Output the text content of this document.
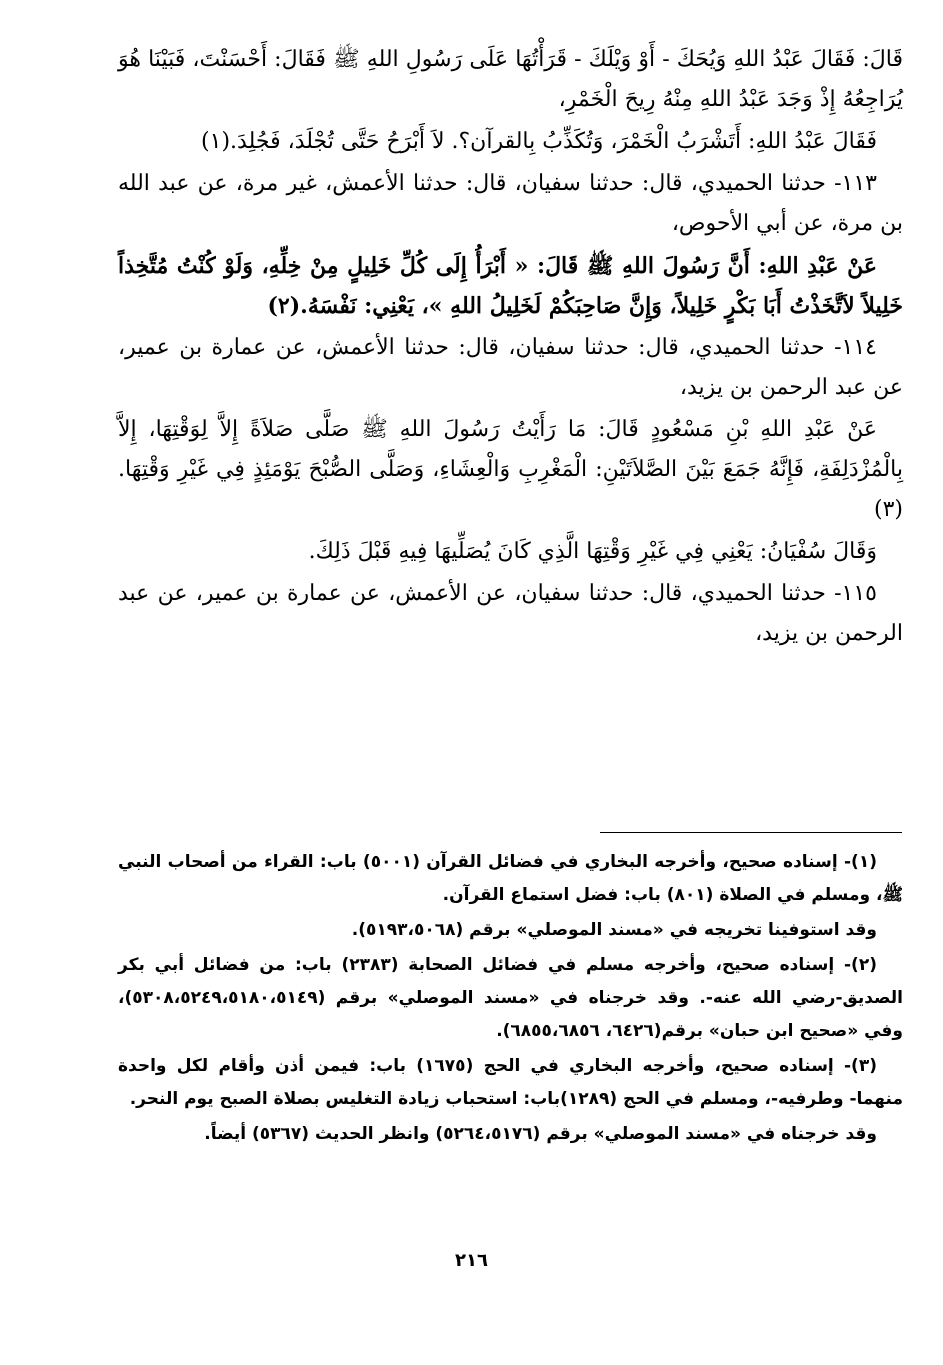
قَالَ: فَقَالَ عَبْدُ اللهِ وَيُحَكَ - أَوْ وَيْلَكَ - قَرَأْتُهَا عَلَى رَسُولِ اللهِ ﷺ فَقَالَ: أَحْسَنْتَ، فَبَيْنَا هُوَ يُرَاجِعُهُ إِذْ وَجَدَ عَبْدُ اللهِ مِنْهُ رِيحَ الْخَمْرِ،

فَقَالَ عَبْدُ اللهِ: أَتَشْرَبُ الْخَمْرَ، وَتُكَذِّبُ بِالقرآن؟. لاَ أَبْرَحُ حَتَّى تُجْلَدَ، فَجُلِدَ.(١)

١١٣- حدثنا الحميدي، قال: حدثنا سفيان، قال: حدثنا الأعمش، غير مرة، عن عبد الله بن مرة، عن أبي الأحوص،

عَنْ عَبْدِ اللهِ: أَنَّ رَسُولَ اللهِ ﷺ قَالَ: « أَبْرَأُ إِلَى كُلِّ خَلِيلٍ مِنْ خِلِّهِ، وَلَوْ كُنْتُ مُتَّخِذاً خَلِيلاً لاَتَّخَذْتُ أَبَا بَكْرٍ خَلِيلاً، وَإِنَّ صَاحِبَكُمْ لَخَلِيلُ اللهِ »، يَعْنِي: نَفْسَهُ.(٢)

١١٤- حدثنا الحميدي، قال: حدثنا سفيان، قال: حدثنا الأعمش، عن عمارة بن عمير، عن عبد الرحمن بن يزيد،

عَنْ عَبْدِ اللهِ بْنِ مَسْعُودٍ قَالَ: مَا رَأَيْتُ رَسُولَ اللهِ ﷺ صَلَّى صَلاَةً إِلاَّ لِوَقْتِهَا، إِلاَّ بِالْمُزْدَلِفَةِ، فَإِنَّهُ جَمَعَ بَيْنَ الصَّلاَتَيْنِ: الْمَغْرِبِ وَالْعِشَاءِ، وَصَلَّى الصُّبْحَ يَوْمَئِذٍ فِي غَيْرِ وَقْتِهَا.(٣)

وَقَالَ سُفْيَانُ: يَعْنِي فِي غَيْرِ وَقْتِهَا الَّذِي كَانَ يُصَلِّيهَا فِيهِ قَبْلَ ذَلِكَ.

١١٥- حدثنا الحميدي، قال: حدثنا سفيان، عن الأعمش، عن عمارة بن عمير، عن عبد الرحمن بن يزيد،

(١)- إسناده صحيح، وأخرجه البخاري في فضائل القرآن (٥٠٠١) باب: القراء من أصحاب النبي ﷺ، ومسلم في الصلاة (٨٠١) باب: فضل استماع القرآن.

وقد استوفينا تخريجه في «مسند الموصلي» برقم (٥١٩٣،٥٠٦٨).

(٢)- إسناده صحيح، وأخرجه مسلم في فضائل الصحابة (٢٣٨٣) باب: من فضائل أبي بكر الصديق-رضي الله عنه-. وقد خرجناه في «مسند الموصلي» برقم (٥٣٠٨،٥٢٤٩،٥١٨٠،٥١٤٩)، وفي «صحيح ابن حبان» برقم(٦٤٢٦، ٦٨٥٥،٦٨٥٦).

(٣)- إسناده صحيح، وأخرجه البخاري في الحج (١٦٧٥) باب: فيمن أذن وأقام لكل واحدة منهما- وطرفيه-، ومسلم في الحج (١٢٨٩)باب: استحباب زيادة التغليس بصلاة الصبح يوم النحر.

وقد خرجناه في «مسند الموصلي» برقم (٥٢٦٤،٥١٧٦) وانظر الحديث (٥٣٦٧) أيضاً.

٢١٦
